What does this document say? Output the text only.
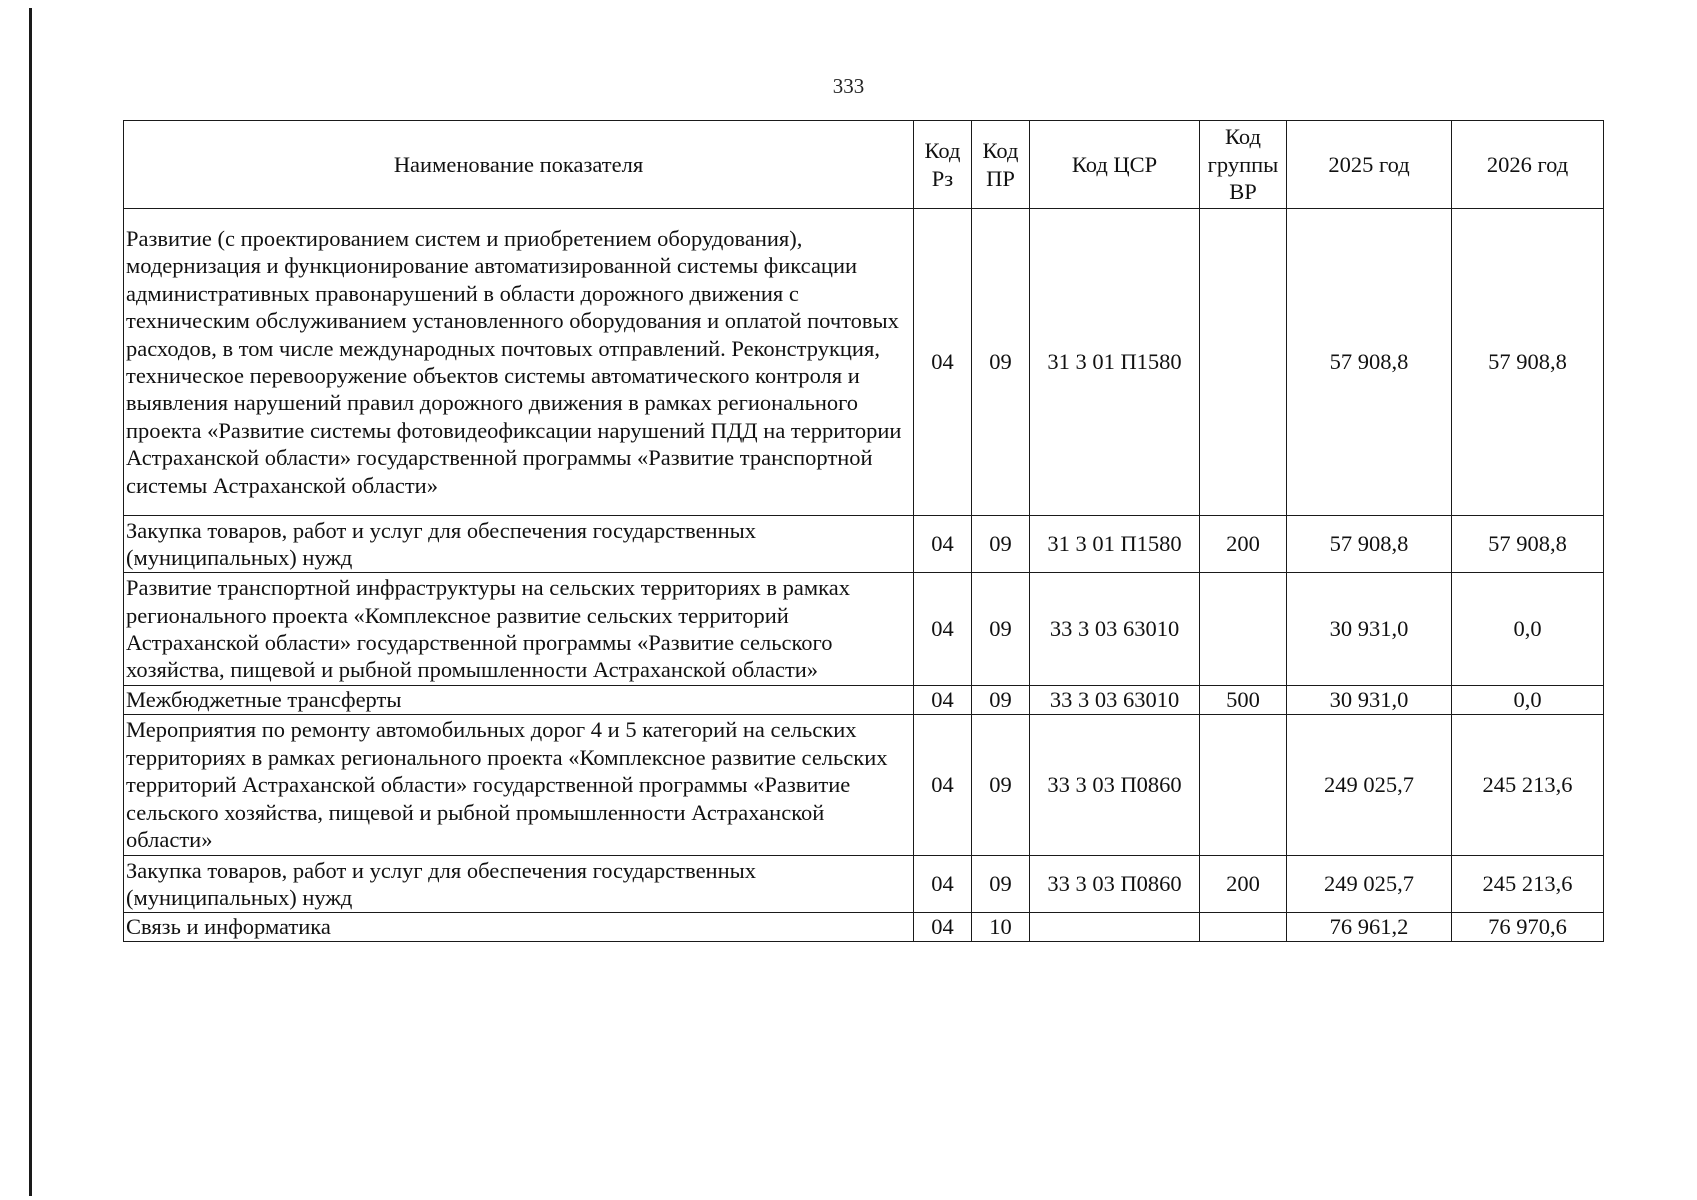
333
Наименование показателя	Код Рз	Код ПР	Код ЦСР	Код группы ВР	2025 год	2026 год
Развитие (с проектированием систем и приобретением оборудования), модернизация и функционирование автоматизированной системы фиксации административных правонарушений в области дорожного движения с техническим обслуживанием установленного оборудования и оплатой почтовых расходов, в том числе международных почтовых отправлений. Реконструкция, техническое перевооружение объектов системы автоматического контроля и выявления нарушений правил дорожного движения в рамках регионального проекта «Развитие системы фотовидеофиксации нарушений ПДД на территории Астраханской области» государственной программы «Развитие транспортной системы Астраханской области»	04	09	31 3 01 П1580		57 908,8	57 908,8
Закупка товаров, работ и услуг для обеспечения государственных (муниципальных) нужд	04	09	31 3 01 П1580	200	57 908,8	57 908,8
Развитие транспортной инфраструктуры на сельских территориях в рамках регионального проекта «Комплексное развитие сельских территорий Астраханской области» государственной программы «Развитие сельского хозяйства, пищевой и рыбной промышленности Астраханской области»	04	09	33 3 03 63010		30 931,0	0,0
Межбюджетные трансферты	04	09	33 3 03 63010	500	30 931,0	0,0
Мероприятия по ремонту автомобильных дорог 4 и 5 категорий на сельских территориях в рамках регионального проекта «Комплексное развитие сельских территорий Астраханской области» государственной программы «Развитие сельского хозяйства, пищевой и рыбной промышленности Астраханской области»	04	09	33 3 03 П0860		249 025,7	245 213,6
Закупка товаров, работ и услуг для обеспечения государственных (муниципальных) нужд	04	09	33 3 03 П0860	200	249 025,7	245 213,6
Связь и информатика	04	10			76 961,2	76 970,6
